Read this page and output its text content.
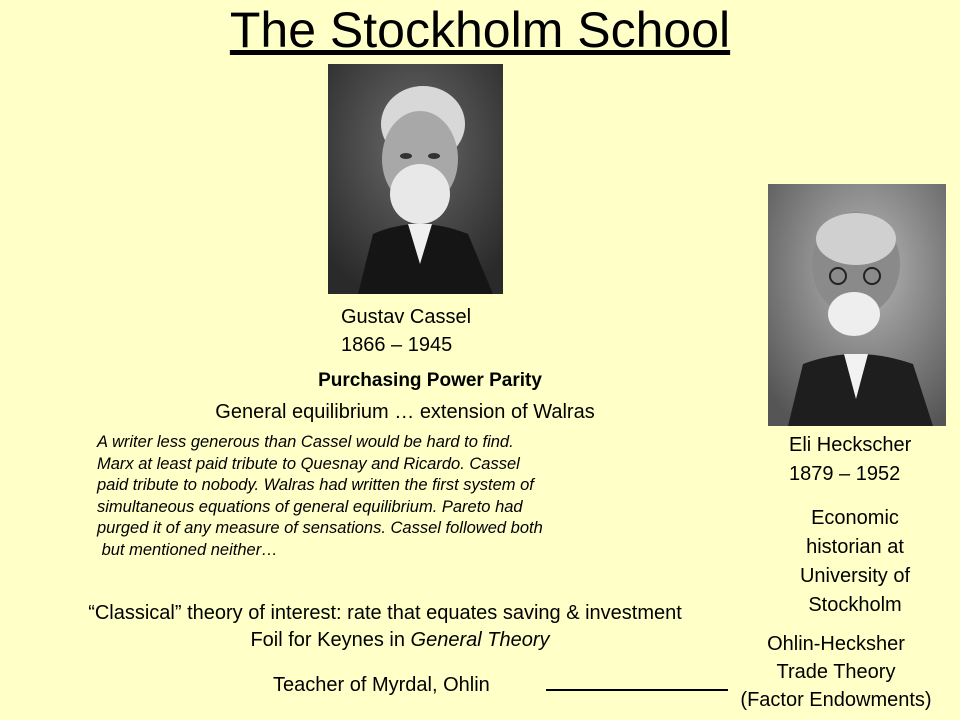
The Stockholm School
Gustav Cassel
1866 – 1945
Purchasing Power Parity
General equilibrium … extension of Walras
A writer less generous than Cassel would be hard to find.
Marx at least paid tribute to Quesnay and Ricardo. Cassel
paid tribute to nobody. Walras had written the first system of
simultaneous equations of general equilibrium. Pareto had
purged it of any measure of sensations. Cassel followed both
but mentioned neither…
“Classical” theory of interest: rate that equates saving & investment
Foil for Keynes in General Theory
Teacher of Myrdal, Ohlin
Eli Heckscher
1879 – 1952
Economic
historian at
University of
Stockholm
Ohlin-Hecksher
Trade Theory
(Factor Endowments)
